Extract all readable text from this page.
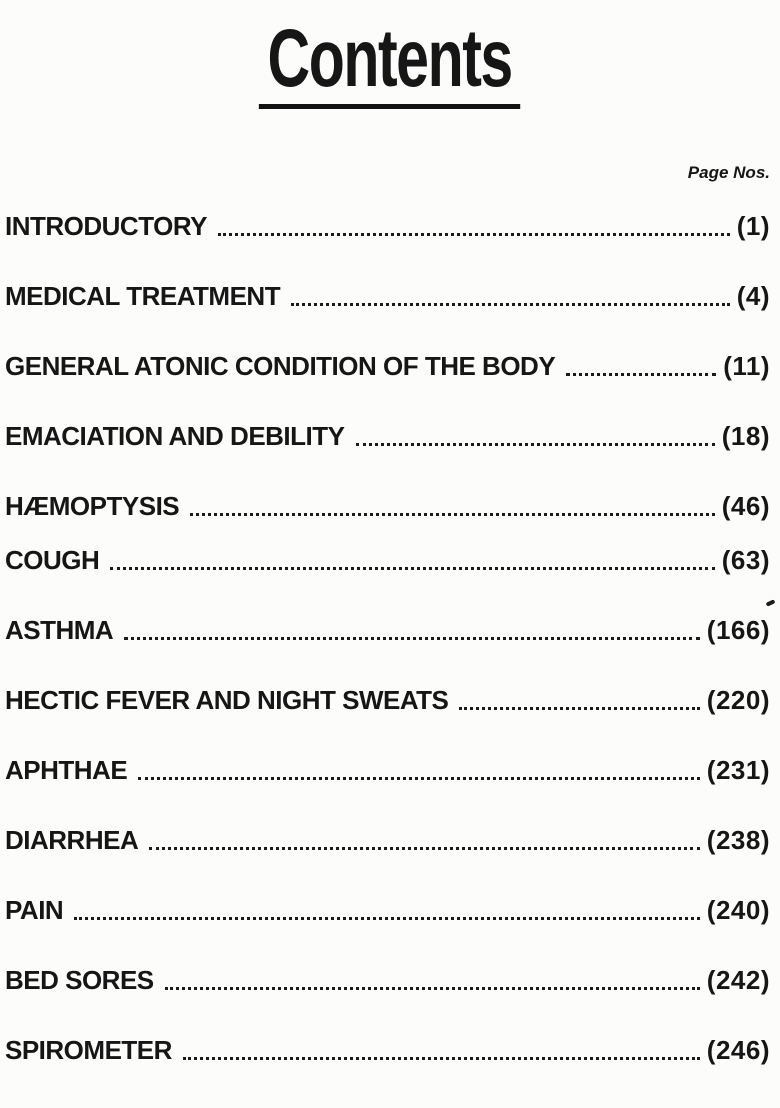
Contents
Page Nos.
INTRODUCTORY	(1)
MEDICAL TREATMENT	(4)
GENERAL ATONIC CONDITION OF THE BODY	(11)
EMACIATION AND DEBILITY	(18)
HÆMOPTYSIS	(46)
COUGH	(63)
ASTHMA	(166)
HECTIC FEVER AND NIGHT SWEATS	(220)
APHTHAE	(231)
DIARRHEA	(238)
PAIN	(240)
BED SORES	(242)
SPIROMETER	(246)
